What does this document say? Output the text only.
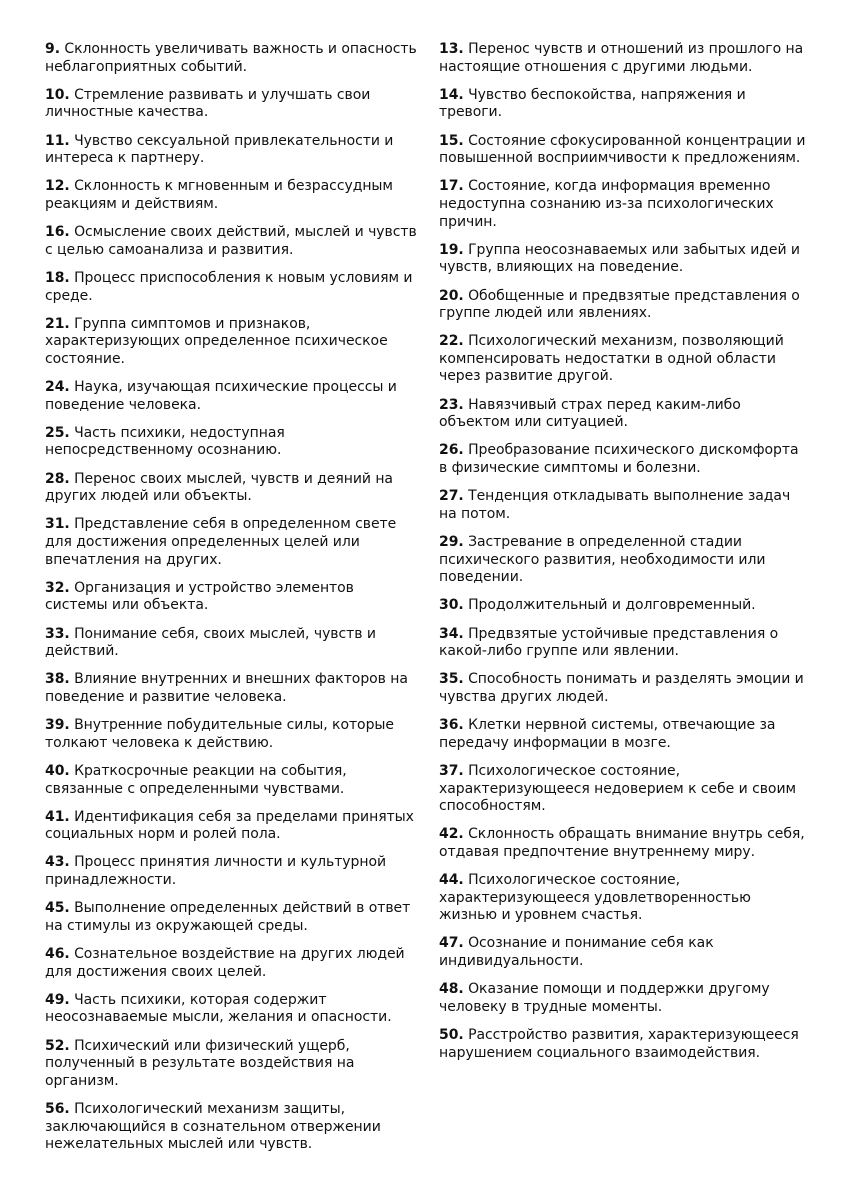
9. Склонность увеличивать важность и опасность неблагоприятных событий.

10. Стремление развивать и улучшать свои личностные качества.

11. Чувство сексуальной привлекательности и интереса к партнеру.

12. Склонность к мгновенным и безрассудным реакциям и действиям.

16. Осмысление своих действий, мыслей и чувств с целью самоанализа и развития.

18. Процесс приспособления к новым условиям и среде.

21. Группа симптомов и признаков, характеризующих определенное психическое состояние.

24. Наука, изучающая психические процессы и поведение человека.

25. Часть психики, недоступная непосредственному осознанию.

28. Перенос своих мыслей, чувств и деяний на других людей или объекты.

31. Представление себя в определенном свете для достижения определенных целей или впечатления на других.

32. Организация и устройство элементов системы или объекта.

33. Понимание себя, своих мыслей, чувств и действий.

38. Влияние внутренних и внешних факторов на поведение и развитие человека.

39. Внутренние побудительные силы, которые толкают человека к действию.

40. Краткосрочные реакции на события, связанные с определенными чувствами.

41. Идентификация себя за пределами принятых социальных норм и ролей пола.

43. Процесс принятия личности и культурной принадлежности.

45. Выполнение определенных действий в ответ на стимулы из окружающей среды.

46. Сознательное воздействие на других людей для достижения своих целей.

49. Часть психики, которая содержит неосознаваемые мысли, желания и опасности.

52. Психический или физический ущерб, полученный в результате воздействия на организм.

56. Психологический механизм защиты, заключающийся в сознательном отвержении нежелательных мыслей или чувств.

13. Перенос чувств и отношений из прошлого на настоящие отношения с другими людьми.

14. Чувство беспокойства, напряжения и тревоги.

15. Состояние сфокусированной концентрации и повышенной восприимчивости к предложениям.

17. Состояние, когда информация временно недоступна сознанию из-за психологических причин.

19. Группа неосознаваемых или забытых идей и чувств, влияющих на поведение.

20. Обобщенные и предвзятые представления о группе людей или явлениях.

22. Психологический механизм, позволяющий компенсировать недостатки в одной области через развитие другой.

23. Навязчивый страх перед каким-либо объектом или ситуацией.

26. Преобразование психического дискомфорта в физические симптомы и болезни.

27. Тенденция откладывать выполнение задач на потом.

29. Застревание в определенной стадии психического развития, необходимости или поведении.

30. Продолжительный и долговременный.

34. Предвзятые устойчивые представления о какой-либо группе или явлении.

35. Способность понимать и разделять эмоции и чувства других людей.

36. Клетки нервной системы, отвечающие за передачу информации в мозге.

37. Психологическое состояние, характеризующееся недоверием к себе и своим способностям.

42. Склонность обращать внимание внутрь себя, отдавая предпочтение внутреннему миру.

44. Психологическое состояние, характеризующееся удовлетворенностью жизнью и уровнем счастья.

47. Осознание и понимание себя как индивидуальности.

48. Оказание помощи и поддержки другому человеку в трудные моменты.

50. Расстройство развития, характеризующееся нарушением социального взаимодействия.
